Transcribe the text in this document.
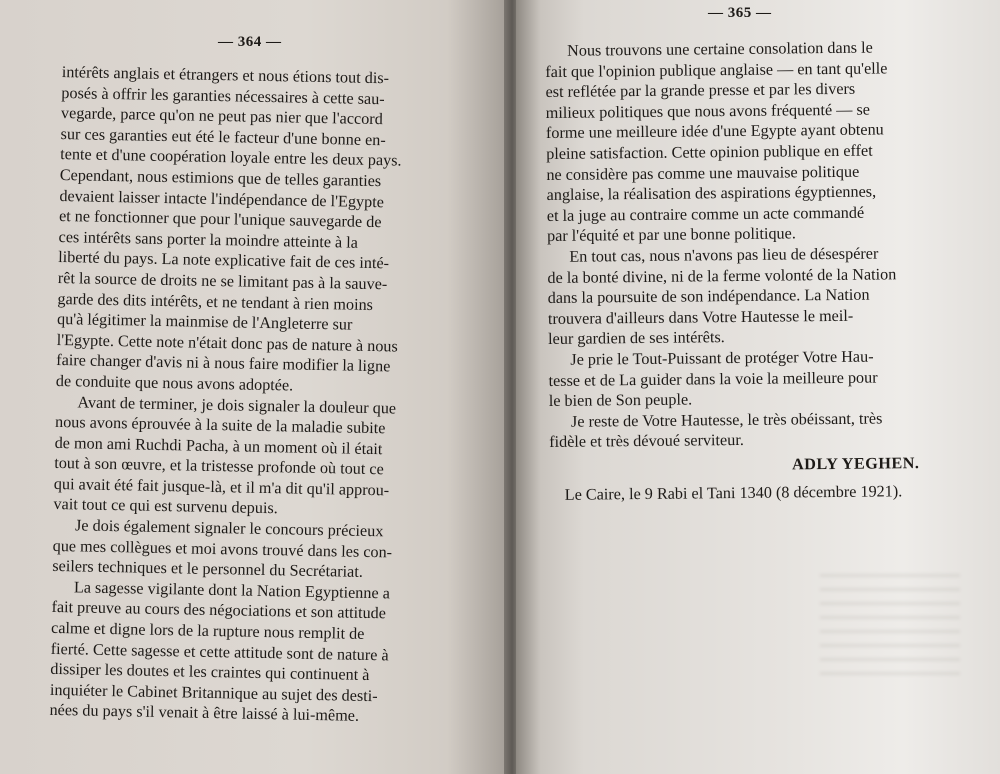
— 364 —

intérêts anglais et étrangers et nous étions tout dis-
posés à offrir les garanties nécessaires à cette sau-
vegarde, parce qu'on ne peut pas nier que l'accord
sur ces garanties eut été le facteur d'une bonne en-
tente et d'une coopération loyale entre les deux pays.
Cependant, nous estimions que de telles garanties
devaient laisser intacte l'indépendance de l'Egypte
et ne fonctionner que pour l'unique sauvegarde de
ces intérêts sans porter la moindre atteinte à la
liberté du pays. La note explicative fait de ces inté-
rêt la source de droits ne se limitant pas à la sauve-
garde des dits intérêts, et ne tendant à rien moins
qu'à légitimer la mainmise de l'Angleterre sur
l'Egypte. Cette note n'était donc pas de nature à nous
faire changer d'avis ni à nous faire modifier la ligne
de conduite que nous avons adoptée.

Avant de terminer, je dois signaler la douleur que
nous avons éprouvée à la suite de la maladie subite
de mon ami Ruchdi Pacha, à un moment où il était
tout à son œuvre, et la tristesse profonde où tout ce
qui avait été fait jusque-là, et il m'a dit qu'il approu-
vait tout ce qui est survenu depuis.

Je dois également signaler le concours précieux
que mes collègues et moi avons trouvé dans les con-
seilers techniques et le personnel du Secrétariat.

La sagesse vigilante dont la Nation Egyptienne a
fait preuve au cours des négociations et son attitude
calme et digne lors de la rupture nous remplit de
fierté. Cette sagesse et cette attitude sont de nature à
dissiper les doutes et les craintes qui continuent à
inquiéter le Cabinet Britannique au sujet des desti-
nées du pays s'il venait à être laissé à lui-même.

— 365 —

Nous trouvons une certaine consolation dans le
fait que l'opinion publique anglaise — en tant qu'elle
est reflétée par la grande presse et par les divers
milieux politiques que nous avons fréquenté — se
forme une meilleure idée d'une Egypte ayant obtenu
pleine satisfaction. Cette opinion publique en effet
ne considère pas comme une mauvaise politique
anglaise, la réalisation des aspirations égyptiennes,
et la juge au contraire comme un acte commandé
par l'équité et par une bonne politique.

En tout cas, nous n'avons pas lieu de désespérer
de la bonté divine, ni de la ferme volonté de la Nation
dans la poursuite de son indépendance. La Nation
trouvera d'ailleurs dans Votre Hautesse le meil-
leur gardien de ses intérêts.

Je prie le Tout-Puissant de protéger Votre Hau-
tesse et de La guider dans la voie la meilleure pour
le bien de Son peuple.

Je reste de Votre Hautesse, le très obéissant, très
fidèle et très dévoué serviteur.

ADLY YEGHEN.
Le Caire, le 9 Rabi el Tani 1340 (8 décembre 1921).
